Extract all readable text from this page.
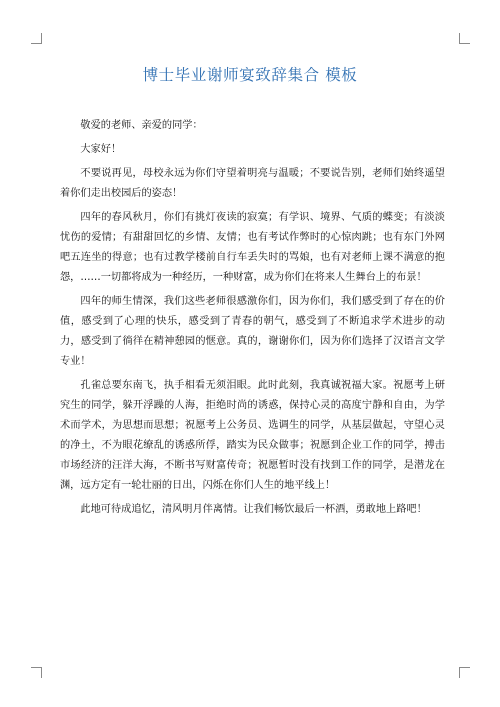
博士毕业谢师宴致辞集合 模板

敬爱的老师、亲爱的同学：

大家好！

不要说再见，母校永远为你们守望着明亮与温暖；不要说告别，老师们始终遥望着你们走出校园后的姿态！

四年的春风秋月，你们有挑灯夜读的寂寞；有学识、境界、气质的蝶变；有淡淡忧伤的爱情；有甜甜回忆的乡情、友情；也有考试作弊时的心惊肉跳；也有东门外网吧五连坐的得意；也有过教学楼前自行车丢失时的骂娘，也有对老师上课不满意的抱怨，……一切都将成为一种经历，一种财富，成为你们在将来人生舞台上的布景！

四年的师生情深，我们这些老师很感激你们，因为你们，我们感受到了存在的价值，感受到了心理的快乐，感受到了青春的朝气，感受到了不断追求学术进步的动力，感受到了徜徉在精神憩园的惬意。真的，谢谢你们，因为你们选择了汉语言文学专业！

孔雀总要东南飞，执手相看无须泪眼。此时此刻，我真诚祝福大家。祝愿考上研究生的同学，躲开浮躁的人海，拒绝时尚的诱惑，保持心灵的高度宁静和自由，为学术而学术，为思想而思想；祝愿考上公务员、选调生的同学，从基层做起，守望心灵的净土，不为眼花缭乱的诱惑所俘，踏实为民众做事；祝愿到企业工作的同学，搏击市场经济的汪洋大海，不断书写财富传奇；祝愿暂时没有找到工作的同学，是潜龙在渊，远方定有一轮壮丽的日出，闪烁在你们人生的地平线上！

此地可待成追忆，清风明月伴离情。让我们畅饮最后一杯酒，勇敢地上路吧！
